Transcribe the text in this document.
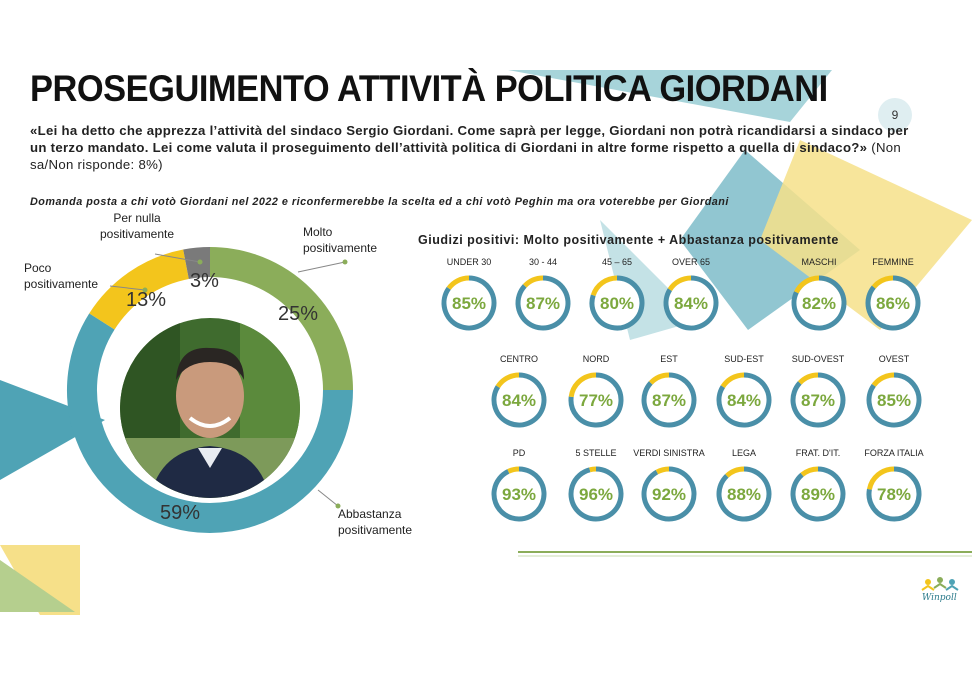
PROSEGUIMENTO ATTIVITÀ POLITICA GIORDANI
9
«Lei ha detto che apprezza l’attività del sindaco Sergio Giordani. Come saprà per legge, Giordani non potrà ricandidarsi a sindaco per un terzo mandato. Lei come valuta il proseguimento dell’attività politica di Giordani in altre forme rispetto a quella di sindaco?» (Non sa/Non risponde: 8%)
Domanda posta a chi votò Giordani nel 2022 e riconfermerebbe la scelta ed a chi votò Peghin ma ora voterebbe per Giordani
Per nulla
positivamente
Poco
positivamente
Molto
positivamente
Abbastanza
positivamente
25%
59%
13%
3%
Giudizi positivi: Molto positivamente + Abbastanza positivamente
UNDER 30
85%
30 - 44
87%
45 – 65
80%
OVER 65
84%
MASCHI
82%
FEMMINE
86%
CENTRO
84%
NORD
77%
EST
87%
SUD-EST
84%
SUD-OVEST
87%
OVEST
85%
PD
93%
5 STELLE
96%
VERDI SINISTRA
92%
LEGA
88%
FRAT. D'IT.
89%
FORZA ITALIA
78%
Winpoll
